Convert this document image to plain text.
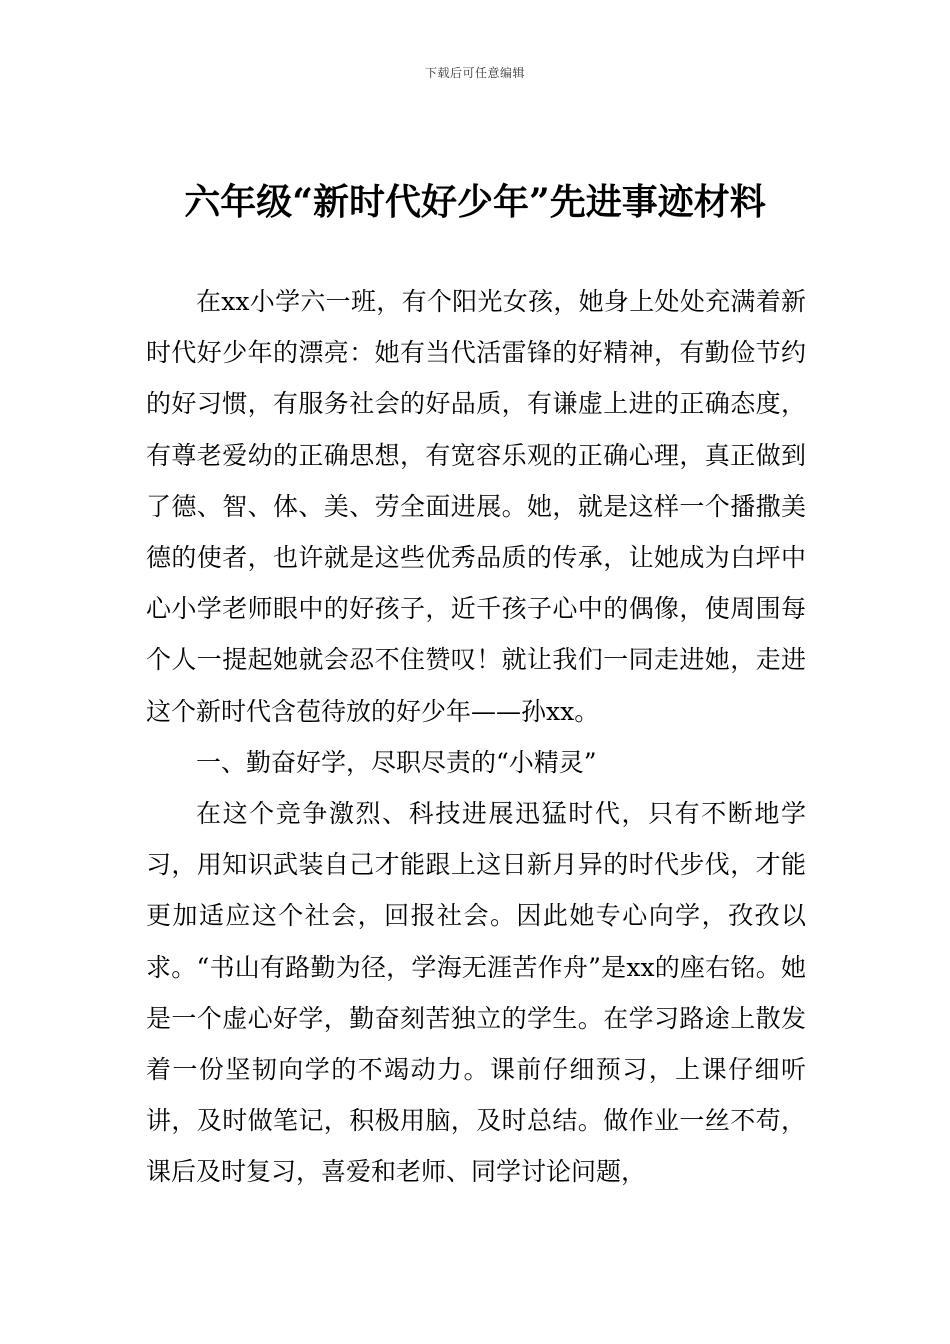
下载后可任意编辑
六年级“新时代好少年”先进事迹材料

在xx小学六一班，有个阳光女孩，她身上处处充满着新时代好少年的漂亮：她有当代活雷锋的好精神，有勤俭节约的好习惯，有服务社会的好品质，有谦虚上进的正确态度，有尊老爱幼的正确思想，有宽容乐观的正确心理，真正做到了德、智、体、美、劳全面进展。她，就是这样一个播撒美德的使者，也许就是这些优秀品质的传承，让她成为白坪中心小学老师眼中的好孩子，近千孩子心中的偶像，使周围每个人一提起她就会忍不住赞叹！就让我们一同走进她，走进这个新时代含苞待放的好少年——孙xx。

一、勤奋好学，尽职尽责的“小精灵”

在这个竞争激烈、科技进展迅猛时代，只有不断地学习，用知识武装自己才能跟上这日新月异的时代步伐，才能更加适应这个社会，回报社会。因此她专心向学，孜孜以求。“书山有路勤为径，学海无涯苦作舟”是xx的座右铭。她是一个虚心好学，勤奋刻苦独立的学生。在学习路途上散发着一份坚韧向学的不竭动力。课前仔细预习，上课仔细听讲，及时做笔记，积极用脑，及时总结。做作业一丝不苟，课后及时复习，喜爱和老师、同学讨论问题，
